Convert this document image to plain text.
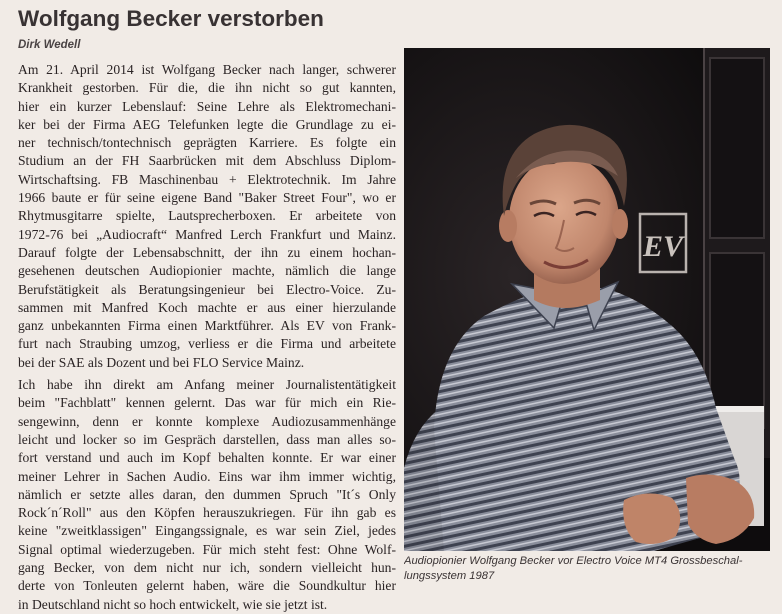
Wolfgang Becker verstorben
Dirk Wedell
Am 21. April 2014 ist Wolfgang Becker nach langer, schwerer
Krankheit gestorben. Für die, die ihn nicht so gut kannten,
hier ein kurzer Lebenslauf: Seine Lehre als Elektromechani-
ker bei der Firma AEG Telefunken legte die Grundlage zu ei-
ner technisch/tontechnisch geprägten Karriere. Es folgte ein
Studium an der FH Saarbrücken mit dem Abschluss Diplom-
Wirtschaftsing. FB Maschinenbau + Elektrotechnik. Im Jahre
1966 baute er für seine eigene Band "Baker Street Four", wo er
Rhytmusgitarre spielte, Lautsprecherboxen. Er arbeitete von
1972-76 bei „Audiocraft“ Manfred Lerch Frankfurt und Mainz.
Darauf folgte der Lebensabschnitt, der ihn zu einem hochan-
gesehenen deutschen Audiopionier machte, nämlich die lange
Berufstätigkeit als Beratungsingenieur bei Electro-Voice. Zu-
sammen mit Manfred Koch machte er aus einer hierzulande
ganz unbekannten Firma einen Marktführer. Als EV von Frank-
furt nach Straubing umzog, verliess er die Firma und arbeitete
bei der SAE als Dozent und bei FLO Service Mainz.
Ich habe ihn direkt am Anfang meiner Journalistentätigkeit
beim "Fachblatt" kennen gelernt. Das war für mich ein Rie-
sengewinn, denn er konnte komplexe Audiozusammenhänge
leicht und locker so im Gespräch darstellen, dass man alles so-
fort verstand und auch im Kopf behalten konnte. Er war einer
meiner Lehrer in Sachen Audio. Eins war ihm immer wichtig,
nämlich er setzte alles daran, den dummen Spruch "It´s Only
Rock´n´Roll" aus den Köpfen herauszukriegen. Für ihn gab es
keine "zweitklassigen" Eingangssignale, es war sein Ziel, jedes
Signal optimal wiederzugeben. Für mich steht fest: Ohne Wolf-
gang Becker, von dem nicht nur ich, sondern vielleicht hun-
derte von Tonleuten gelernt haben, wäre die Soundkultur hier
in Deutschland nicht so hoch entwickelt, wie sie jetzt ist.
EV
Audiopionier Wolfgang Becker vor Electro Voice MT4 Grossbeschal-
lungssystem 1987
